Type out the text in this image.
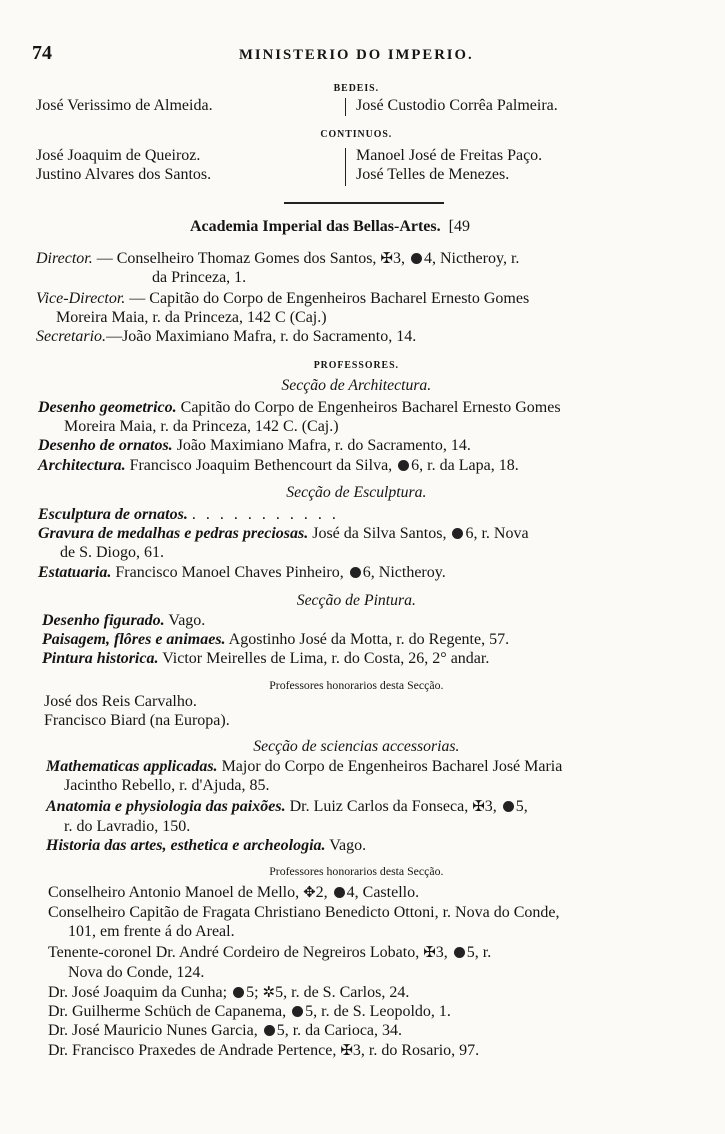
74	MINISTERIO DO IMPERIO.
BEDEIS.
José Verissimo de Almeida.	José Custodio Corrêa Palmeira.
CONTINUOS.
José Joaquim de Queiroz.
Justino Alvares dos Santos.
Manoel José de Freitas Paço.
José Telles de Menezes.
Academia Imperial das Bellas-Artes. [49
Director. — Conselheiro Thomaz Gomes dos Santos, ✠3, 4, Nictheroy, r.
da Princeza, 1.
Vice-Director. — Capitão do Corpo de Engenheiros Bacharel Ernesto Gomes
Moreira Maia, r. da Princeza, 142 C (Caj.)
Secretario.—João Maximiano Mafra, r. do Sacramento, 14.
PROFESSORES.
Secção de Architectura.
Desenho geometrico. Capitão do Corpo de Engenheiros Bacharel Ernesto Gomes
Moreira Maia, r. da Princeza, 142 C. (Caj.)
Desenho de ornatos. João Maximiano Mafra, r. do Sacramento, 14.
Architectura. Francisco Joaquim Bethencourt da Silva, 6, r. da Lapa, 18.
Secção de Esculptura.
Esculptura de ornatos. . . . . . . . . . . .
Gravura de medalhas e pedras preciosas. José da Silva Santos, 6, r. Nova
de S. Diogo, 61.
Estatuaria. Francisco Manoel Chaves Pinheiro, 6, Nictheroy.
Secção de Pintura.
Desenho figurado. Vago.
Paisagem, flôres e animaes. Agostinho José da Motta, r. do Regente, 57.
Pintura historica. Victor Meirelles de Lima, r. do Costa, 26, 2° andar.
Professores honorarios desta Secção.
José dos Reis Carvalho.
Francisco Biard (na Europa).
Secção de sciencias accessorias.
Mathematicas applicadas. Major do Corpo de Engenheiros Bacharel José Maria
Jacintho Rebello, r. d'Ajuda, 85.
Anatomia e physiologia das paixões. Dr. Luiz Carlos da Fonseca, ✠3, 5,
r. do Lavradio, 150.
Historia das artes, esthetica e archeologia. Vago.
Professores honorarios desta Secção.
Conselheiro Antonio Manoel de Mello, ✥2, 4, Castello.
Conselheiro Capitão de Fragata Christiano Benedicto Ottoni, r. Nova do Conde,
101, em frente á do Areal.
Tenente-coronel Dr. André Cordeiro de Negreiros Lobato, ✠3, 5, r.
Nova do Conde, 124.
Dr. José Joaquim da Cunha; 5; ✲5, r. de S. Carlos, 24.
Dr. Guilherme Schüch de Capanema, 5, r. de S. Leopoldo, 1.
Dr. José Mauricio Nunes Garcia, 5, r. da Carioca, 34.
Dr. Francisco Praxedes de Andrade Pertence, ✠3, r. do Rosario, 97.
